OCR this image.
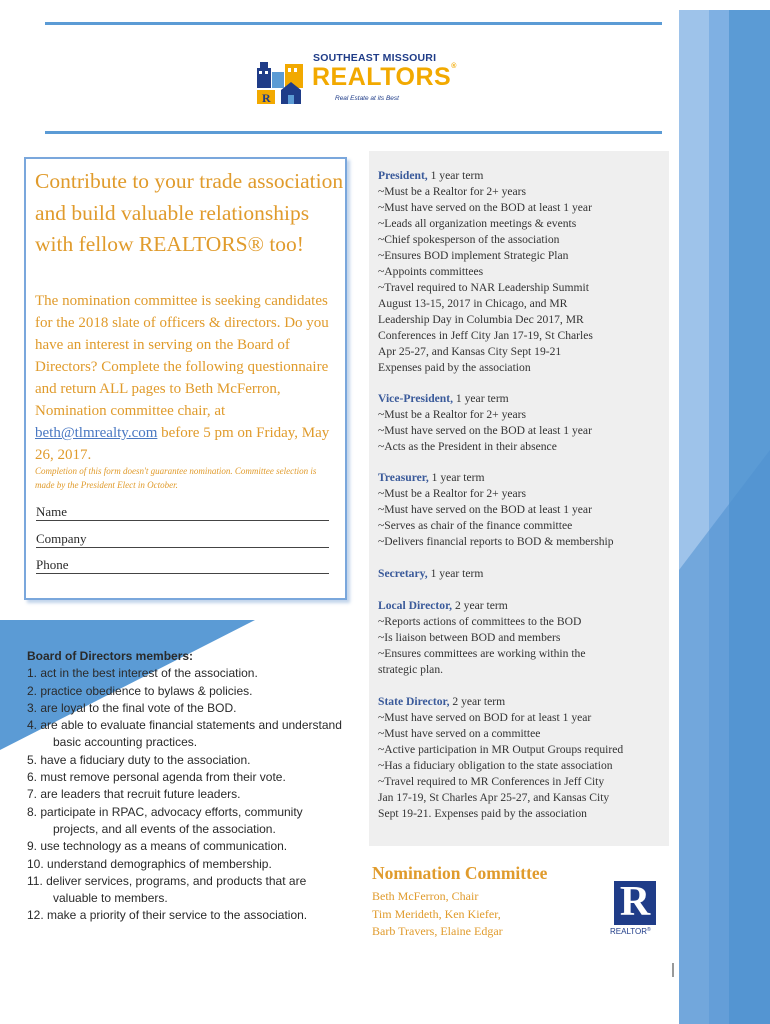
R
SOUTHEAST MISSOURI
REALTORS®
Real Estate at its Best
Contribute to your trade association and build valuable relationships with fellow REALTORS® too!
The nomination committee is seeking candidates for the 2018 slate of officers & directors. Do you have an interest in serving on the Board of Directors? Complete the following questionnaire and return ALL pages to Beth McFerron, Nomination committee chair, at beth@tlmrealty.com before 5 pm on Friday, May 26, 2017.
Completion of this form doesn't guarantee nomination. Committee selection is made by the President Elect in October.
Name
Company
Phone
Board of Directors members:
1. act in the best interest of the association.
2. practice obedience to bylaws & policies.
3. are loyal to the final vote of the BOD.
4. are able to evaluate financial statements and understand basic accounting practices.
5. have a fiduciary duty to the association.
6. must remove personal agenda from their vote.
7. are leaders that recruit future leaders.
8. participate in RPAC, advocacy efforts, community projects, and all events of the association.
9. use technology as a means of communication.
10. understand demographics of membership.
11. deliver services, programs, and products that are valuable to members.
12. make a priority of their service to the association.
President, 1 year term
~Must be a Realtor for 2+ years
~Must have served on the BOD at least 1 year
~Leads all organization meetings & events
~Chief spokesperson of the association
~Ensures BOD implement Strategic Plan
~Appoints committees
~Travel required to NAR Leadership Summit
August 13-15, 2017 in Chicago, and MR
Leadership Day in Columbia Dec 2017, MR
Conferences in Jeff City Jan 17-19, St Charles
Apr 25-27, and Kansas City Sept 19-21
Expenses paid by the association
Vice-President, 1 year term
~Must be a Realtor for 2+ years
~Must have served on the BOD at least 1 year
~Acts as the President in their absence
Treasurer, 1 year term
~Must be a Realtor for 2+ years
~Must have served on the BOD at least 1 year
~Serves as chair of the finance committee
~Delivers financial reports to BOD & membership
Secretary, 1 year term
Local Director, 2 year term
~Reports actions of committees to the BOD
~Is liaison between BOD and members
~Ensures committees are working within the
strategic plan.
State Director, 2 year term
~Must have served on BOD for at least 1 year
~Must have served on a committee
~Active participation in MR Output Groups required
~Has a fiduciary obligation to the state association
~Travel required to MR Conferences in Jeff City
Jan 17-19, St Charles Apr 25-27, and Kansas City
Sept 19-21. Expenses paid by the association
Nomination Committee
Beth McFerron, Chair
Tim Merideth, Ken Kiefer,
Barb Travers, Elaine Edgar
R
REALTOR®
